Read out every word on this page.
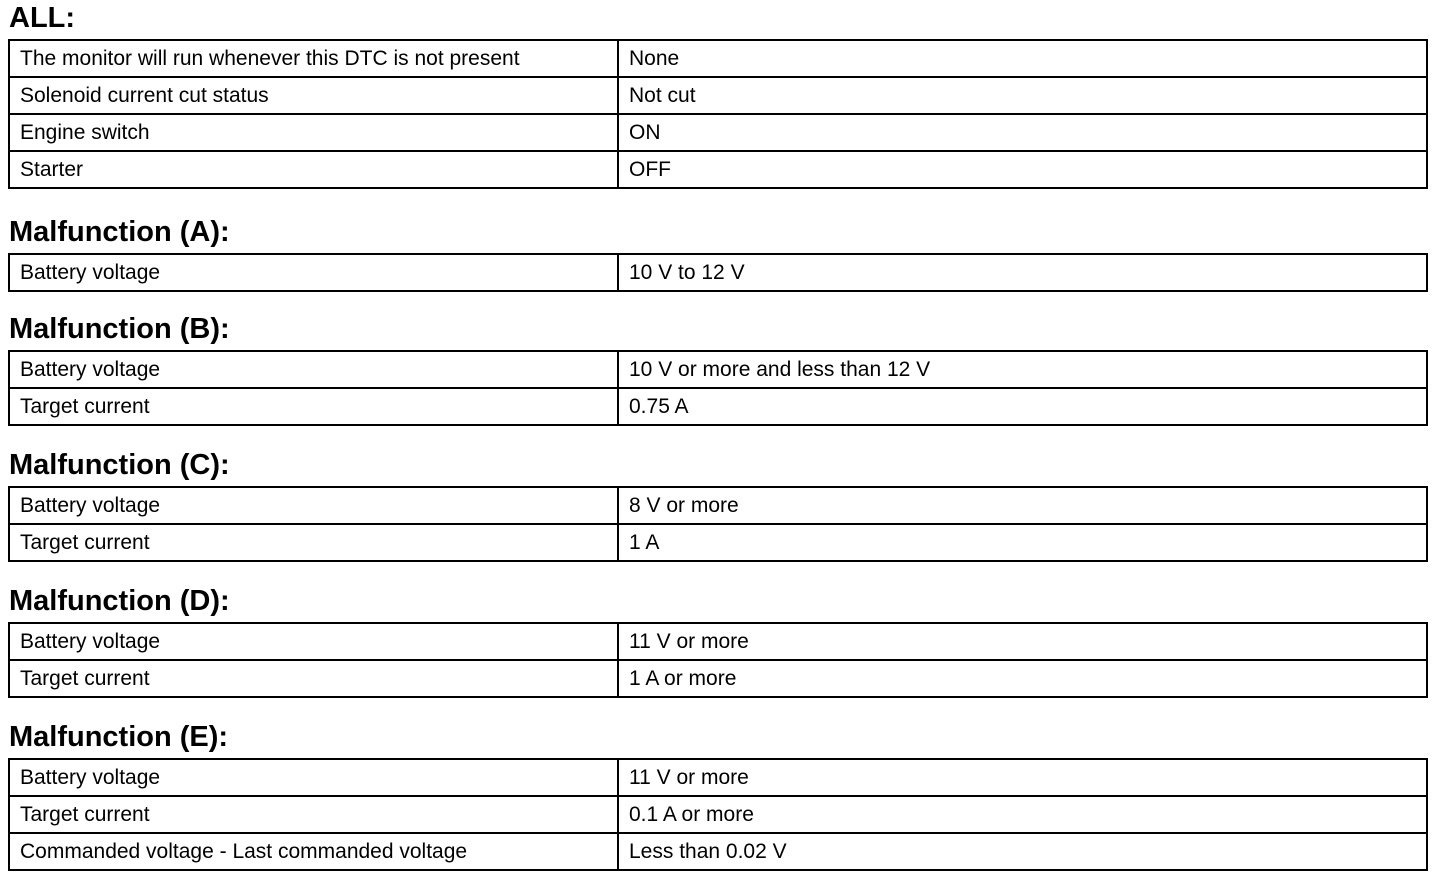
ALL:
The monitor will run whenever this DTC is not present	None
Solenoid current cut status	Not cut
Engine switch	ON
Starter	OFF
Malfunction (A):
Battery voltage	10 V to 12 V
Malfunction (B):
Battery voltage	10 V or more and less than 12 V
Target current	0.75 A
Malfunction (C):
Battery voltage	8 V or more
Target current	1 A
Malfunction (D):
Battery voltage	11 V or more
Target current	1 A or more
Malfunction (E):
Battery voltage	11 V or more
Target current	0.1 A or more
Commanded voltage - Last commanded voltage	Less than 0.02 V
